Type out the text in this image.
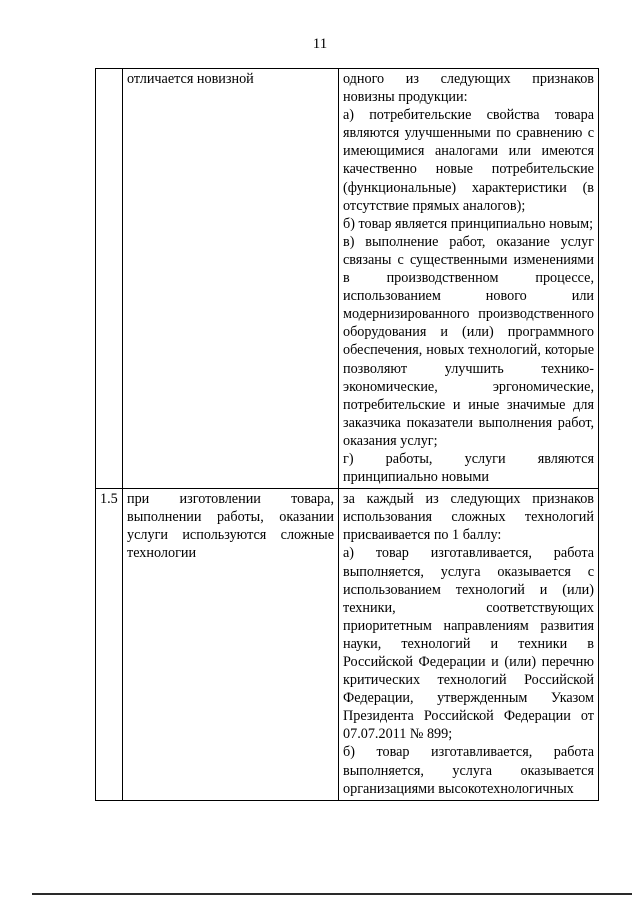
11
	отличается новизной	одного из следующих признаков новизны продукции:
а) потребительские свойства товара являются улучшенными по сравнению с имеющимися аналогами или имеются качественно новые потребительские (функциональные) характеристики (в отсутствие прямых аналогов);
б) товар является принципиально новым;
в) выполнение работ, оказание услуг связаны с существенными изменениями в производственном процессе, использованием нового или модернизированного производственного оборудования и (или) программного обеспечения, новых технологий, которые позволяют улучшить технико-экономические, эргономические, потребительские и иные значимые для заказчика показатели выполнения работ, оказания услуг;
г) работы, услуги являются принципиально новыми

1.5	при изготовлении товара, выполнении работы, оказании услуги используются сложные технологии	за каждый из следующих признаков использования сложных технологий присваивается по 1 баллу:
а) товар изготавливается, работа выполняется, услуга оказывается с использованием технологий и (или) техники, соответствующих приоритетным направлениям развития науки, технологий и техники в Российской Федерации и (или) перечню критических технологий Российской Федерации, утвержденным Указом Президента Российской Федерации от 07.07.2011 № 899;
б) товар изготавливается, работа выполняется, услуга оказывается организациями высокотехнологичных
